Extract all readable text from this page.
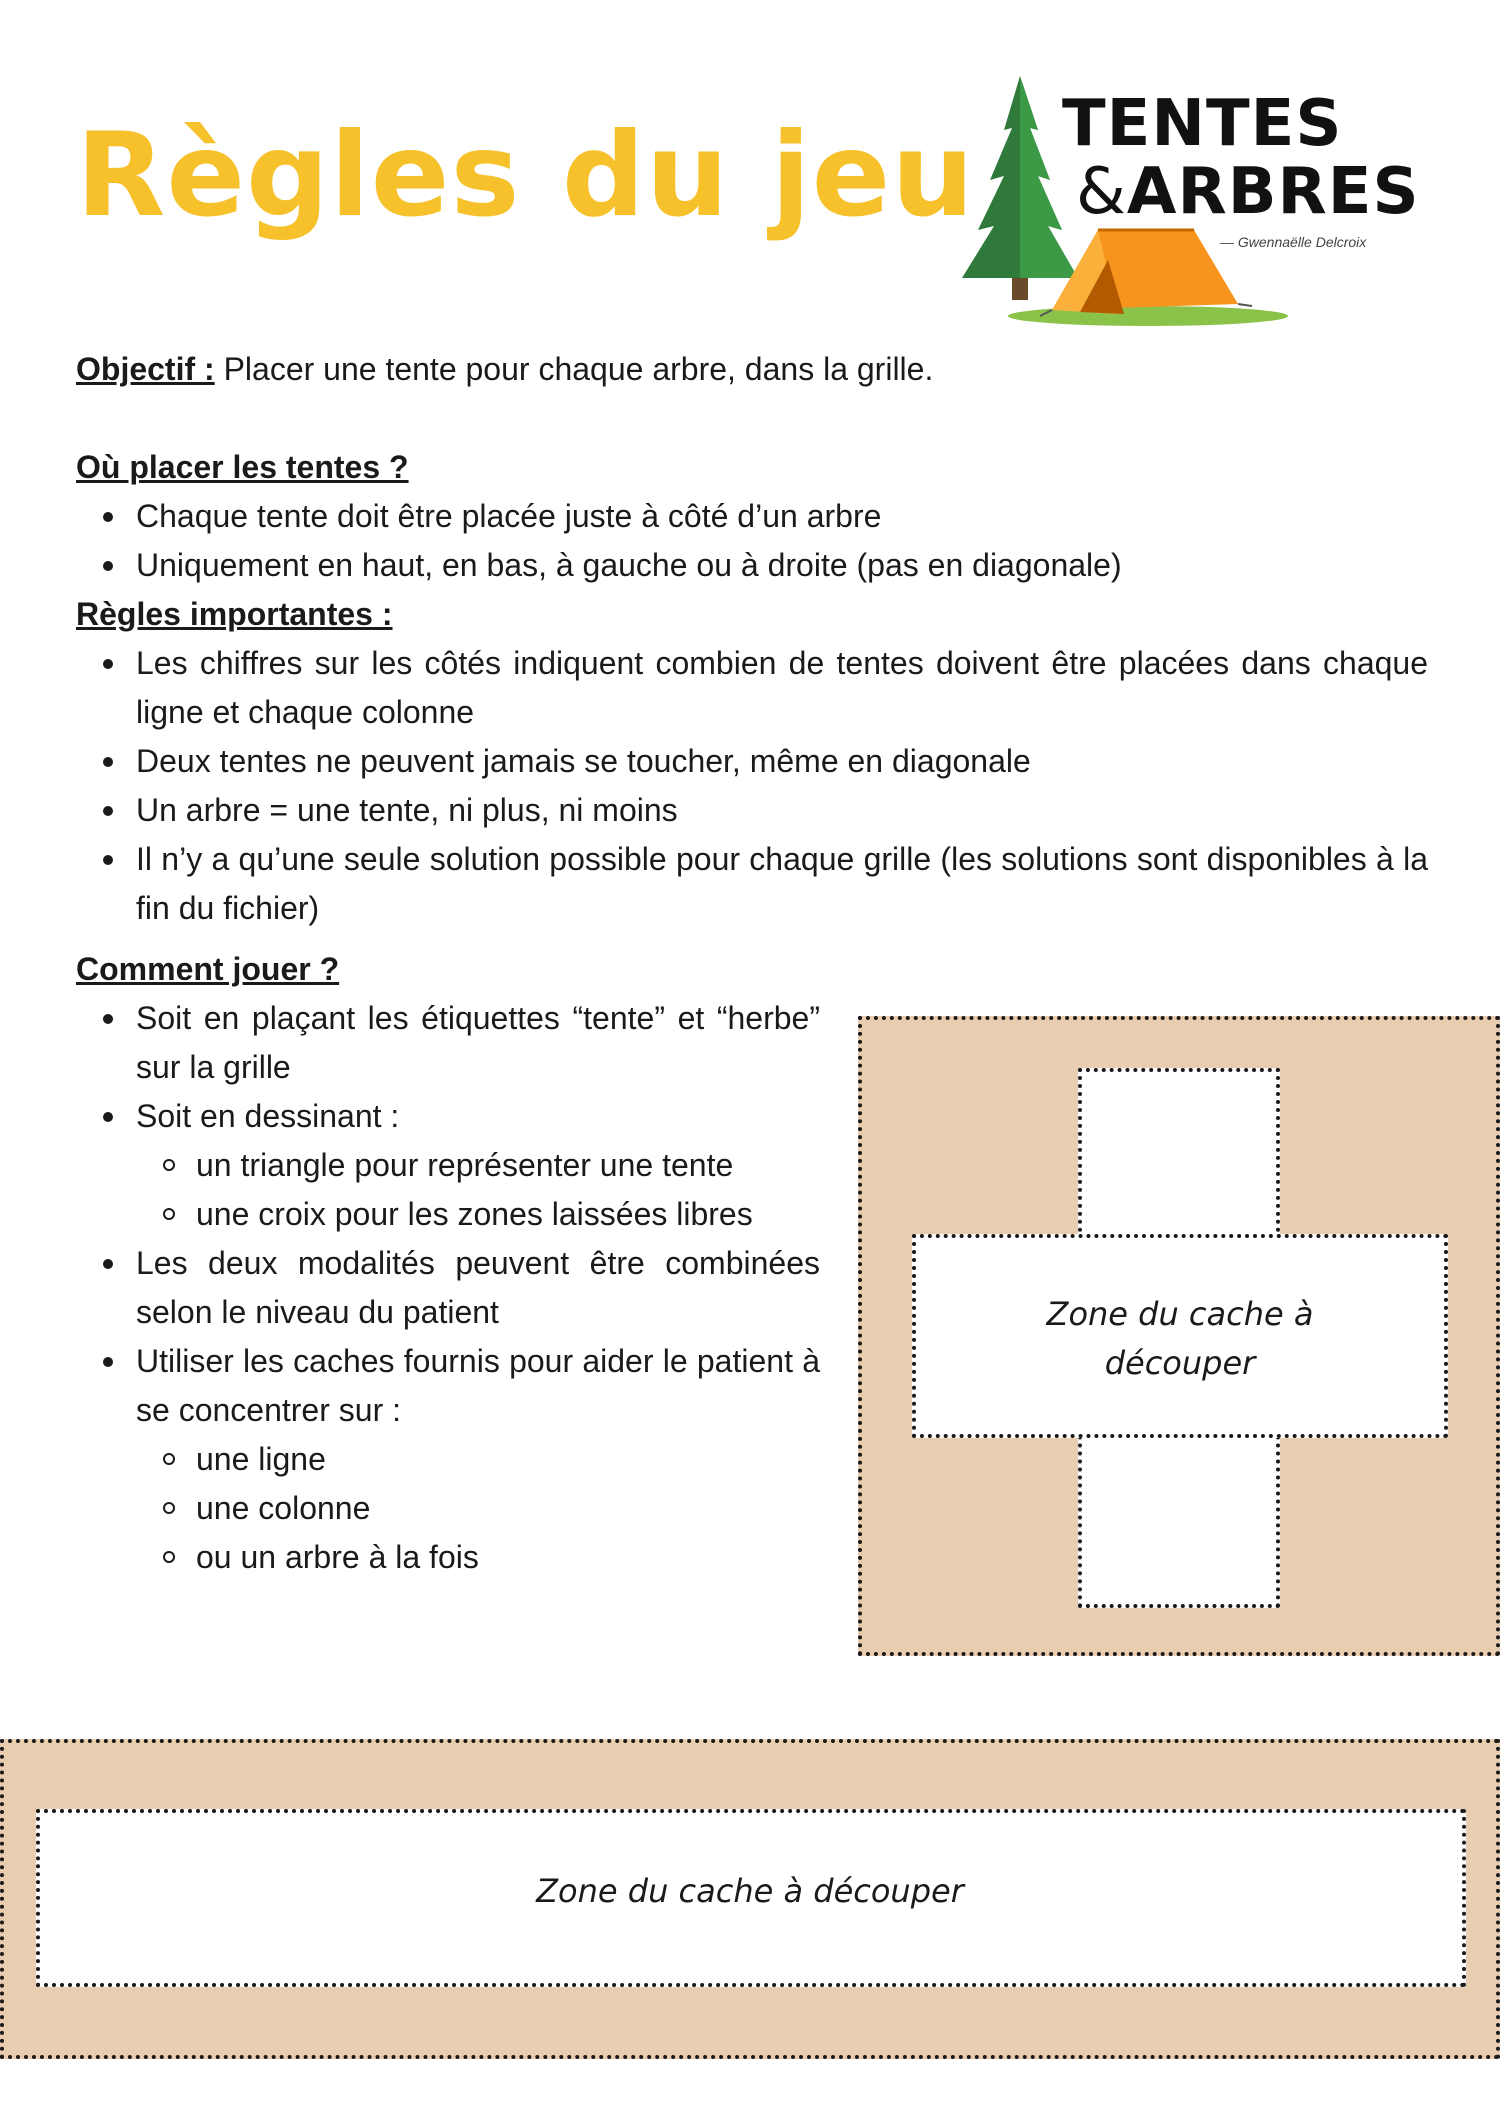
Règles du jeu TENTES
&ARBRES
— Gwennaëlle Delcroix

Objectif : Placer une tente pour chaque arbre, dans la grille.

Où placer les tentes ?
Chaque tente doit être placée juste à côté d’un arbre
Uniquement en haut, en bas, à gauche ou à droite (pas en diagonale)
Règles importantes :
Les chiffres sur les côtés indiquent combien de tentes doivent être placées dans chaque ligne et chaque colonne
Deux tentes ne peuvent jamais se toucher, même en diagonale
Un arbre = une tente, ni plus, ni moins
Il n’y a qu’une seule solution possible pour chaque grille (les solutions sont disponibles à la fin du fichier)
Comment jouer ?
Soit en plaçant les étiquettes “tente” et “herbe” sur la grille
Soit en dessinant :
un triangle pour représenter une tente
une croix pour les zones laissées libres
Les deux modalités peuvent être combinées selon le niveau du patient
Utiliser les caches fournis pour aider le patient à se concentrer sur :
une ligne
une colonne
ou un arbre à la fois
Zone du cache à découper
Zone du cache à découper
